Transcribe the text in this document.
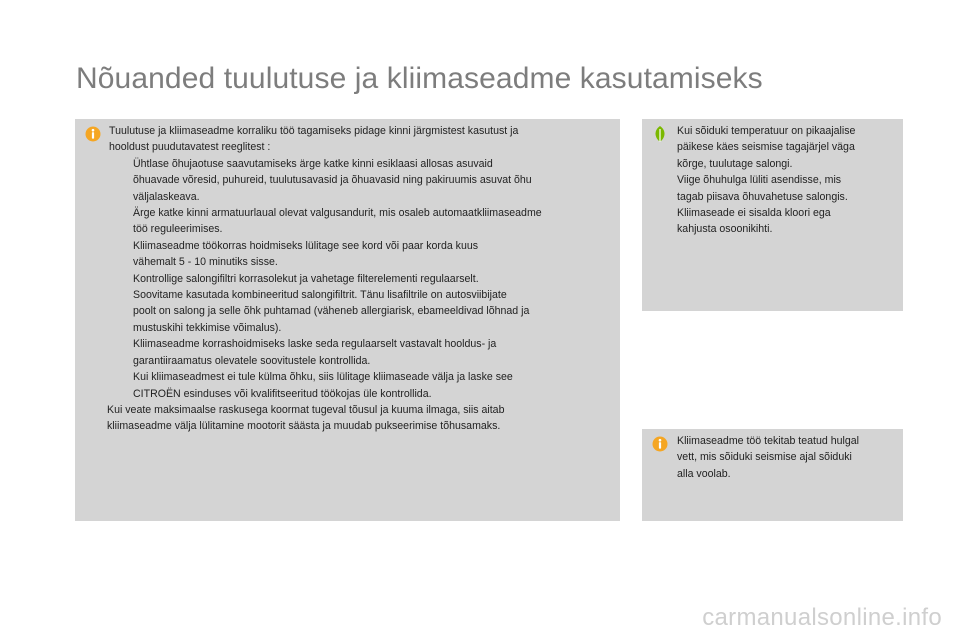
Nõuanded tuulutuse ja kliimaseadme kasutamiseks

Tuulutuse ja kliimaseadme korraliku töö tagamiseks pidage kinni järgmistest kasutust ja
hooldust puudutavatest reeglitest :

Ühtlase õhujaotuse saavutamiseks ärge katke kinni esiklaasi allosas asuvaid
õhuavade võresid, puhureid, tuulutusavasid ja õhuavasid ning pakiruumis asuvat õhu
väljalaskeava.
Ärge katke kinni armatuurlaual olevat valgusandurit, mis osaleb automaatkliimaseadme
töö reguleerimises.
Kliimaseadme töökorras hoidmiseks lülitage see kord või paar korda kuus
vähemalt 5 - 10 minutiks sisse.
Kontrollige salongifiltri korrasolekut ja vahetage filterelementi regulaarselt.
Soovitame kasutada kombineeritud salongifiltrit. Tänu lisafiltrile on autosviibijate
poolt on salong ja selle õhk puhtamad (väheneb allergiarisk, ebameeldivad lõhnad ja
mustuskihi tekkimise võimalus).
Kliimaseadme korrashoidmiseks laske seda regulaarselt vastavalt hooldus- ja
garantiiraamatus olevatele soovitustele kontrollida.
Kui kliimaseadmest ei tule külma õhku, siis lülitage kliimaseade välja ja laske see
CITROËN esinduses või kvalifitseeritud töökojas üle kontrollida.

Kui veate maksimaalse raskusega koormat tugeval tõusul ja kuuma ilmaga, siis aitab
kliimaseadme välja lülitamine mootorit säästa ja muudab pukseerimise tõhusamaks.

Kui sõiduki temperatuur on pikaajalise
päikese käes seismise tagajärjel väga
kõrge, tuulutage salongi.
Viige õhuhulga lüliti asendisse, mis
tagab piisava õhuvahetuse salongis.
Kliimaseade ei sisalda kloori ega
kahjusta osoonikihti.
Kliimaseadme töö tekitab teatud hulgal
vett, mis sõiduki seismise ajal sõiduki
alla voolab.
carmanualsonline.info
